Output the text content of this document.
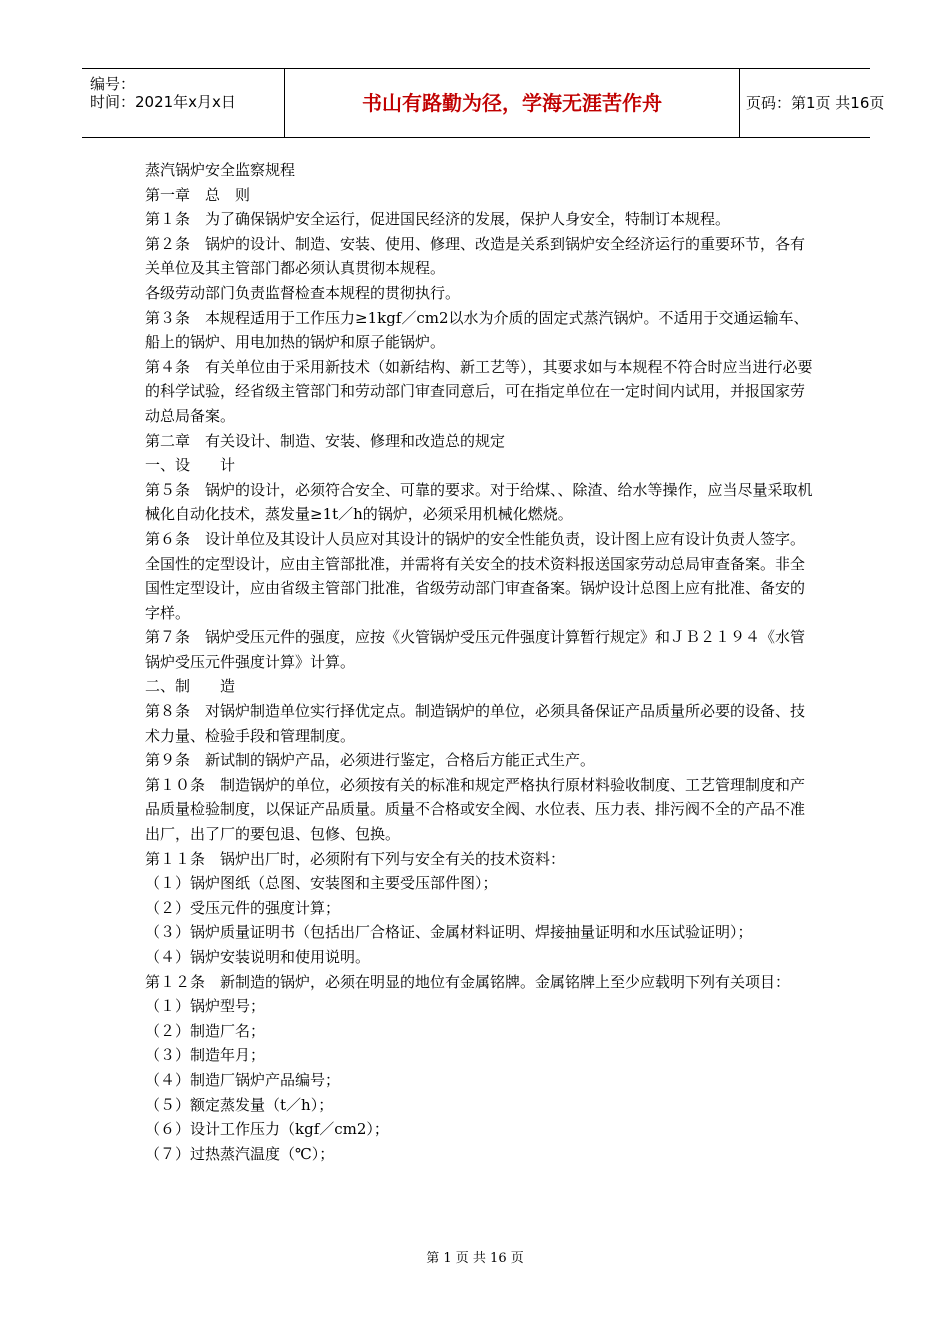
编号：
时间：2021年x月x日	书山有路勤为径，学海无涯苦作舟	页码：第1页 共16页

蒸汽锅炉安全监察规程

第一章　总　则

第１条　为了确保锅炉安全运行，促进国民经济的发展，保护人身安全，特制订本规程。

第２条　锅炉的设计、制造、安装、使用、修理、改造是关系到锅炉安全经济运行的重要环节，各有关单位及其主管部门都必须认真贯彻本规程。

各级劳动部门负责监督检查本规程的贯彻执行。

第３条　本规程适用于工作压力≥1kgf／cm2以水为介质的固定式蒸汽锅炉。不适用于交通运输车、船上的锅炉、用电加热的锅炉和原子能锅炉。

第４条　有关单位由于采用新技术（如新结构、新工艺等），其要求如与本规程不符合时应当进行必要的科学试验，经省级主管部门和劳动部门审查同意后，可在指定单位在一定时间内试用，并报国家劳动总局备案。

第二章　有关设计、制造、安装、修理和改造总的规定

一、设　　计

第５条　锅炉的设计，必须符合安全、可靠的要求。对于给煤、、除渣、给水等操作，应当尽量采取机械化自动化技术，蒸发量≥1t／h的锅炉，必须采用机械化燃烧。

第６条　设计单位及其设计人员应对其设计的锅炉的安全性能负责，设计图上应有设计负责人签字。全国性的定型设计，应由主管部批准，并需将有关安全的技术资料报送国家劳动总局审查备案。非全国性定型设计，应由省级主管部门批准，省级劳动部门审查备案。锅炉设计总图上应有批准、备安的字样。

第７条　锅炉受压元件的强度，应按《火管锅炉受压元件强度计算暂行规定》和ＪＢ２１９４《水管锅炉受压元件强度计算》计算。

二、制　　造

第８条　对锅炉制造单位实行择优定点。制造锅炉的单位，必须具备保证产品质量所必要的设备、技术力量、检验手段和管理制度。

第９条　新试制的锅炉产品，必须进行鉴定，合格后方能正式生产。

第１０条　制造锅炉的单位，必须按有关的标准和规定严格执行原材料验收制度、工艺管理制度和产品质量检验制度，以保证产品质量。质量不合格或安全阀、水位表、压力表、排污阀不全的产品不准出厂，出了厂的要包退、包修、包换。

第１１条　锅炉出厂时，必须附有下列与安全有关的技术资料：

（１）锅炉图纸（总图、安装图和主要受压部件图）；

（２）受压元件的强度计算；

（３）锅炉质量证明书（包括出厂合格证、金属材料证明、焊接抽量证明和水压试验证明）；

（４）锅炉安装说明和使用说明。

第１２条　新制造的锅炉，必须在明显的地位有金属铭牌。金属铭牌上至少应载明下列有关项目：

（１）锅炉型号；

（２）制造厂名；

（３）制造年月；

（４）制造厂锅炉产品编号；

（５）额定蒸发量（t／h）；

（６）设计工作压力（kgf／cm2）；

（７）过热蒸汽温度（℃）；

第 1 页 共 16 页
